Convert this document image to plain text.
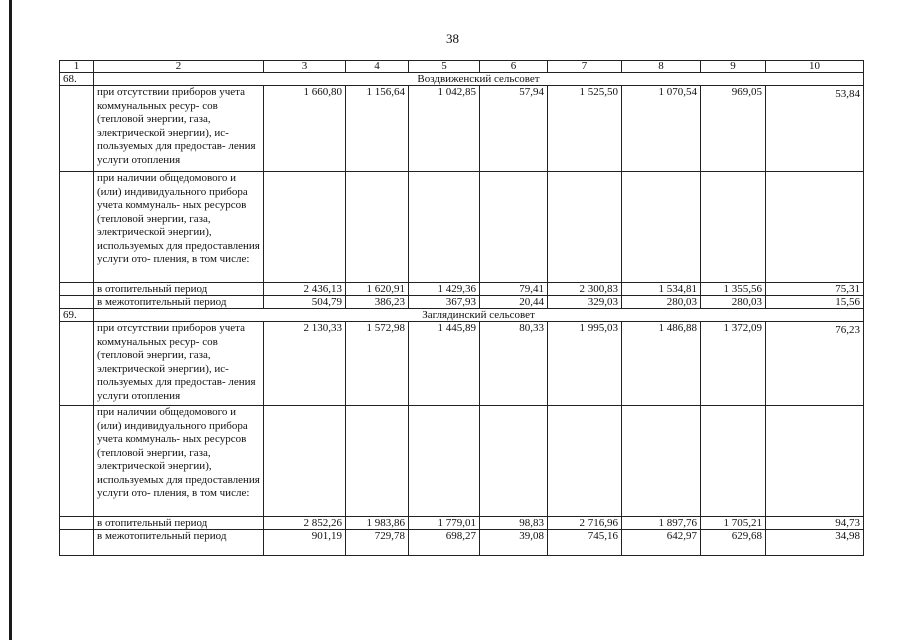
38
1	2	3	4	5	6	7	8	9	10
68.	Воздвиженский сельсовет								
	при отсутствии приборов учета коммунальных ресур- сов (тепловой энергии, газа, электрической энергии), ис- пользуемых для предостав- ления услуги отопления	1 660,80	1 156,64	1 042,85	57,94	1 525,50	1 070,54	969,05	53,84
	при наличии общедомового и (или) индивидуального прибора учета коммуналь- ных ресурсов (тепловой энергии, газа, электрической энергии), используемых для предоставления услуги ото- пления, в том числе:								
	в отопительный период	2 436,13	1 620,91	1 429,36	79,41	2 300,83	1 534,81	1 355,56	75,31
	в межотопительный период	504,79	386,23	367,93	20,44	329,03	280,03	280,03	15,56
69.	Заглядинский сельсовет								
	при отсутствии приборов учета коммунальных ресур- сов (тепловой энергии, газа, электрической энергии), ис- пользуемых для предостав- ления услуги отопления	2 130,33	1 572,98	1 445,89	80,33	1 995,03	1 486,88	1 372,09	76,23
	при наличии общедомового и (или) индивидуального прибора учета коммуналь- ных ресурсов (тепловой энергии, газа, электрической энергии), используемых для предоставления услуги ото- пления, в том числе:								
	в отопительный период	2 852,26	1 983,86	1 779,01	98,83	2 716,96	1 897,76	1 705,21	94,73
	в межотопительный период	901,19	729,78	698,27	39,08	745,16	642,97	629,68	34,98
